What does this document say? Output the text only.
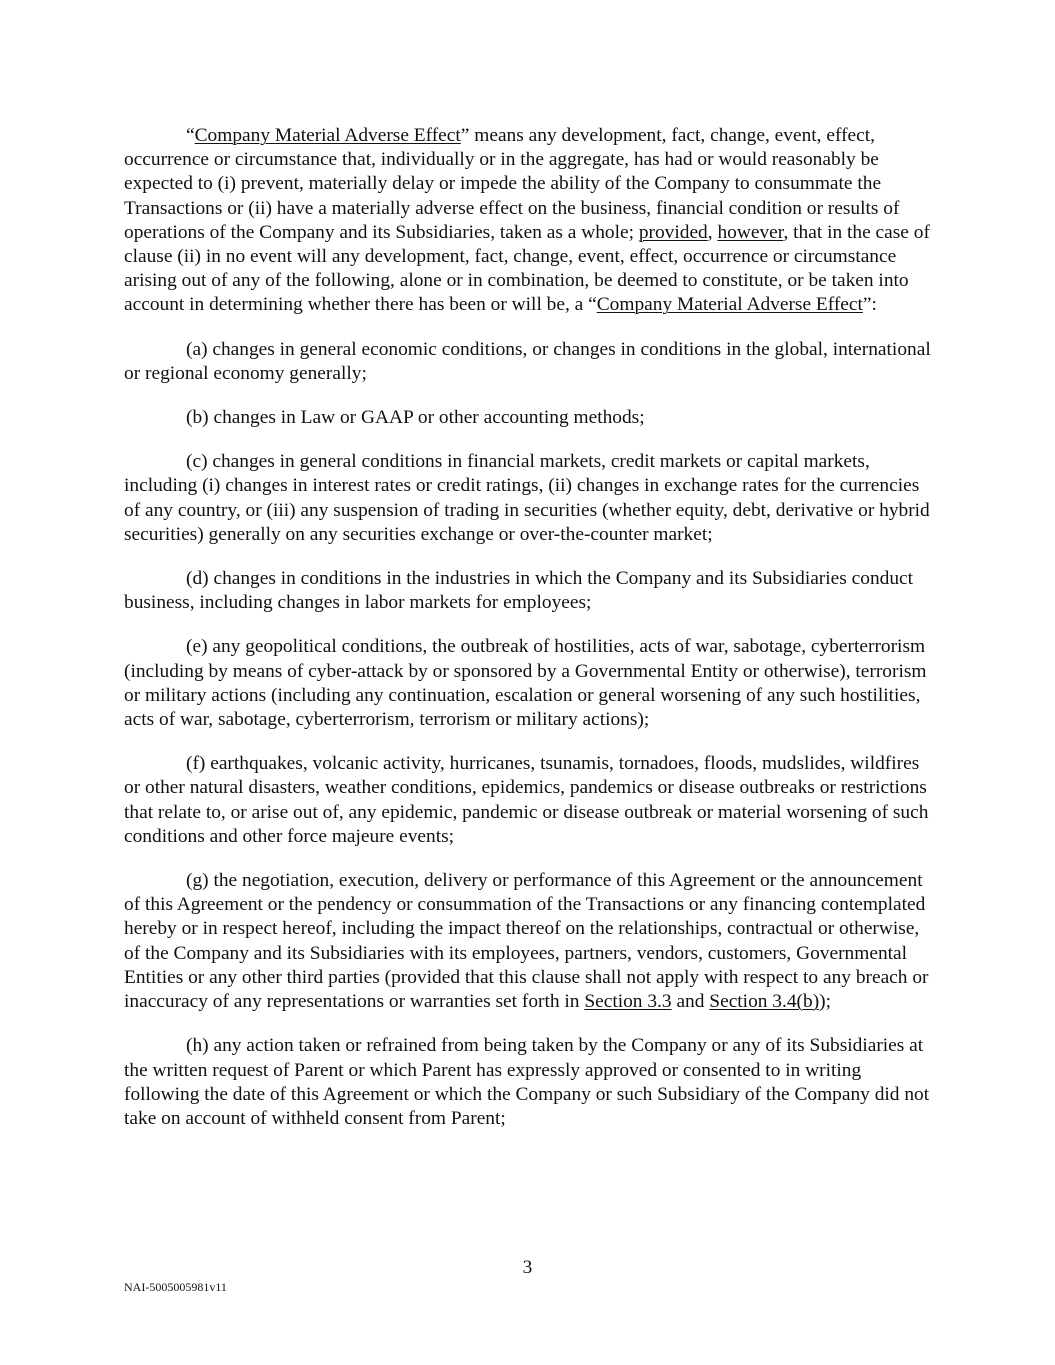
“Company Material Adverse Effect” means any development, fact, change, event, effect, occurrence or circumstance that, individually or in the aggregate, has had or would reasonably be expected to (i) prevent, materially delay or impede the ability of the Company to consummate the Transactions or (ii) have a materially adverse effect on the business, financial condition or results of operations of the Company and its Subsidiaries, taken as a whole; provided, however, that in the case of clause (ii) in no event will any development, fact, change, event, effect, occurrence or circumstance arising out of any of the following, alone or in combination, be deemed to constitute, or be taken into account in determining whether there has been or will be, a “Company Material Adverse Effect”:

(a) changes in general economic conditions, or changes in conditions in the global, international or regional economy generally;

(b) changes in Law or GAAP or other accounting methods;

(c) changes in general conditions in financial markets, credit markets or capital markets, including (i) changes in interest rates or credit ratings, (ii) changes in exchange rates for the currencies of any country, or (iii) any suspension of trading in securities (whether equity, debt, derivative or hybrid securities) generally on any securities exchange or over-the-counter market;

(d) changes in conditions in the industries in which the Company and its Subsidiaries conduct business, including changes in labor markets for employees;

(e) any geopolitical conditions, the outbreak of hostilities, acts of war, sabotage, cyberterrorism (including by means of cyber-attack by or sponsored by a Governmental Entity or otherwise), terrorism or military actions (including any continuation, escalation or general worsening of any such hostilities, acts of war, sabotage, cyberterrorism, terrorism or military actions);

(f) earthquakes, volcanic activity, hurricanes, tsunamis, tornadoes, floods, mudslides, wildfires or other natural disasters, weather conditions, epidemics, pandemics or disease outbreaks or restrictions that relate to, or arise out of, any epidemic, pandemic or disease outbreak or material worsening of such conditions and other force majeure events;

(g) the negotiation, execution, delivery or performance of this Agreement or the announcement of this Agreement or the pendency or consummation of the Transactions or any financing contemplated hereby or in respect hereof, including the impact thereof on the relationships, contractual or otherwise, of the Company and its Subsidiaries with its employees, partners, vendors, customers, Governmental Entities or any other third parties (provided that this clause shall not apply with respect to any breach or inaccuracy of any representations or warranties set forth in Section 3.3 and Section 3.4(b));

(h) any action taken or refrained from being taken by the Company or any of its Subsidiaries at the written request of Parent or which Parent has expressly approved or consented to in writing following the date of this Agreement or which the Company or such Subsidiary of the Company did not take on account of withheld consent from Parent;

3
NAI-5005005981v11
